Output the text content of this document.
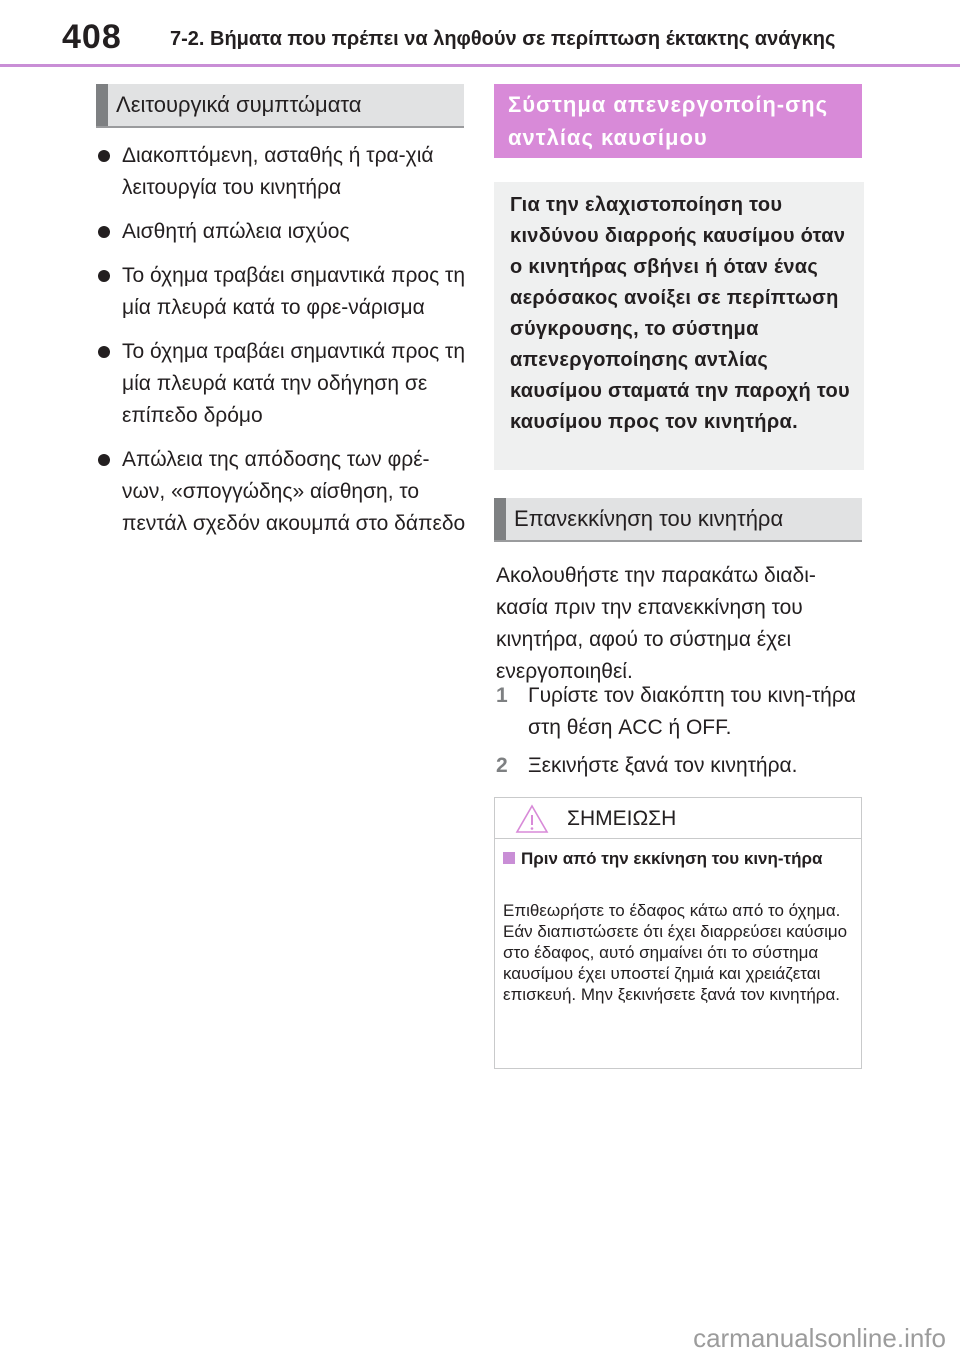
408 7-2. Βήματα που πρέπει να ληφθούν σε περίπτωση έκτακτης ανάγκης
Λειτουργικά συμπτώματα
Διακοπτόμενη, ασταθής ή τρα-χιά λειτουργία του κινητήρα
Αισθητή απώλεια ισχύος
Το όχημα τραβάει σημαντικά προς τη μία πλευρά κατά το φρε-νάρισμα
Το όχημα τραβάει σημαντικά προς τη μία πλευρά κατά την οδήγηση σε επίπεδο δρόμο
Απώλεια της απόδοσης των φρέ-νων, «σπογγώδης» αίσθηση, το πεντάλ σχεδόν ακουμπά στο δάπεδο
Σύστημα απενεργοποίη-σης αντλίας καυσίμου
Για την ελαχιστοποίηση του κινδύνου διαρροής καυσίμου όταν ο κινητήρας σβήνει ή όταν ένας αερόσακος ανοίξει σε περίπτωση σύγκρουσης, το σύστημα απενεργοποίησης αντλίας καυσίμου σταματά την παροχή του καυσίμου προς τον κινητήρα.
Επανεκκίνηση του κινητήρα
Ακολουθήστε την παρακάτω διαδι-κασία πριν την επανεκκίνηση του κινητήρα, αφού το σύστημα έχει ενεργοποιηθεί.
1 Γυρίστε τον διακόπτη του κινη-τήρα στη θέση ACC ή OFF.
2 Ξεκινήστε ξανά τον κινητήρα.
ΣΗΜΕΙΩΣΗ
Πριν από την εκκίνηση του κινη-τήρα
Επιθεωρήστε το έδαφος κάτω από το όχημα. Εάν διαπιστώσετε ότι έχει διαρρεύσει καύσιμο στο έδαφος, αυτό σημαίνει ότι το σύστημα καυσίμου έχει υποστεί ζημιά και χρειάζεται επισκευή. Μην ξεκινήσετε ξανά τον κινητήρα.
carmanualsonline.info
